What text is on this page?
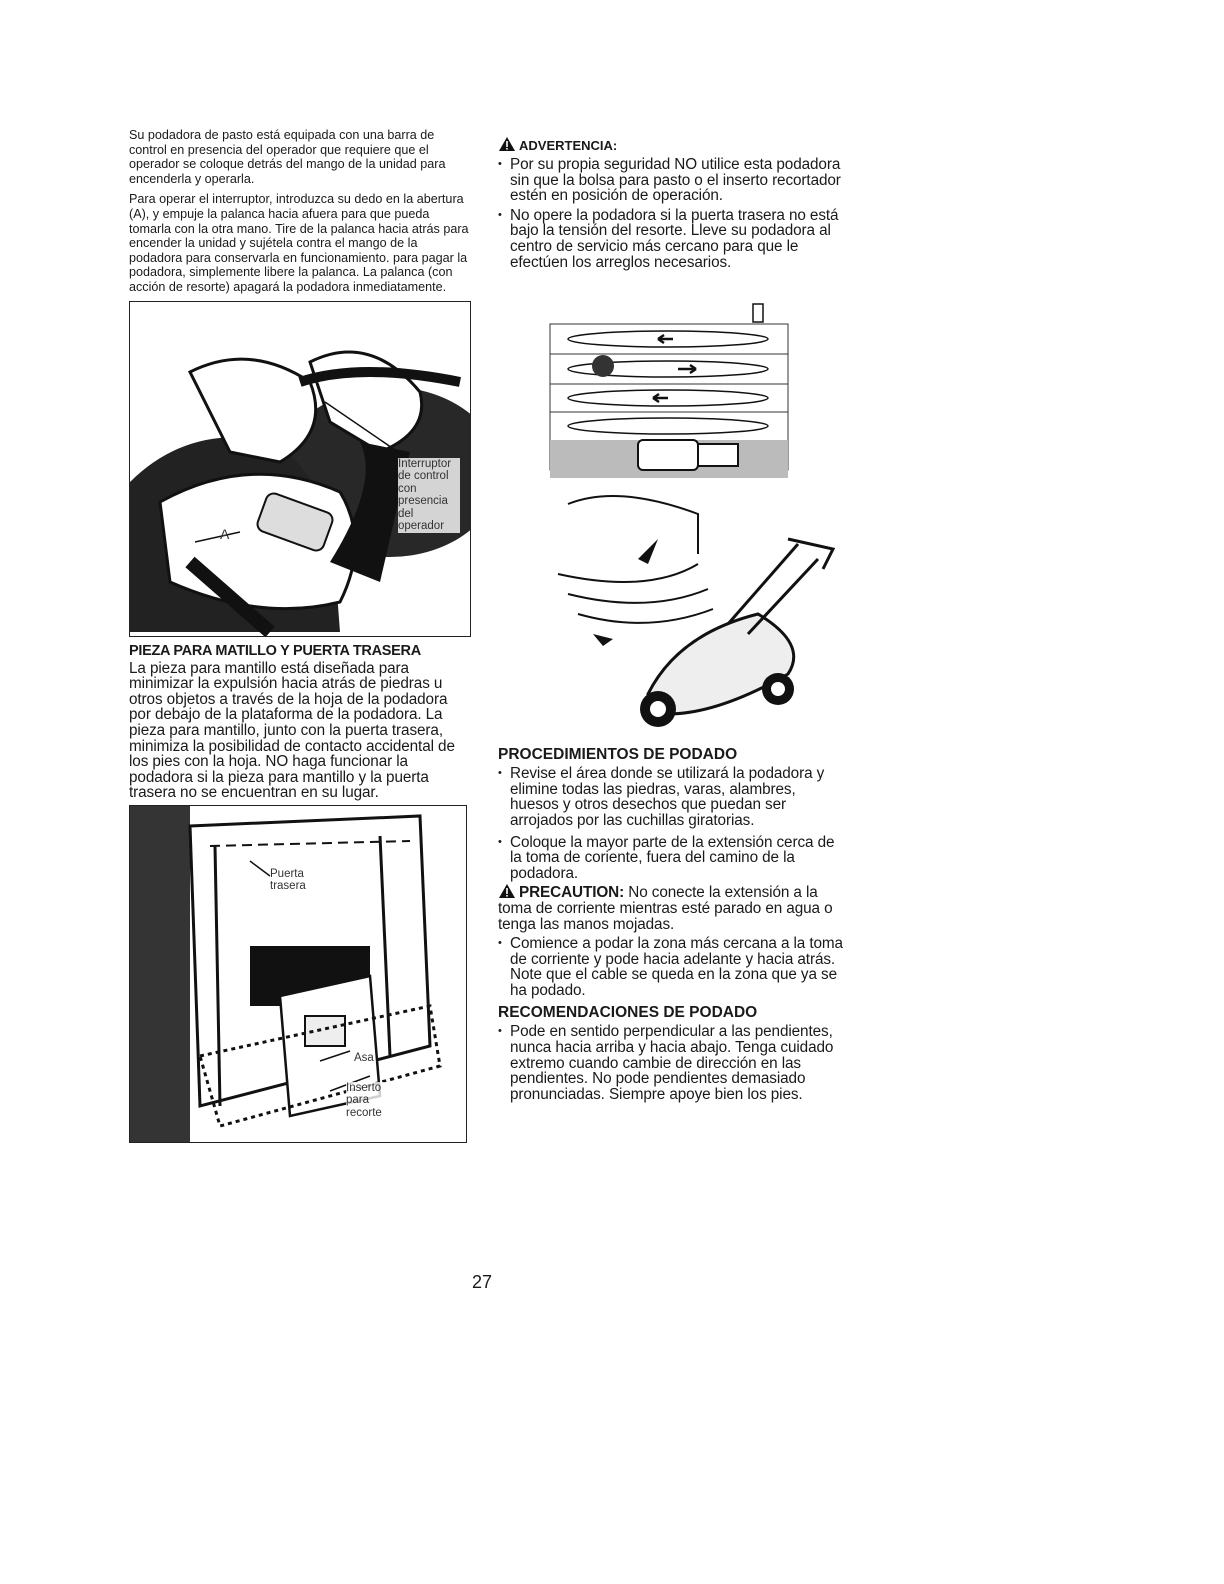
Su podadora de pasto está equipada con una barra de control en presencia del operador que requiere que el operador se coloque detrás del mango de la unidad para encenderla y operarla.

Para operar el interruptor, introduzca su dedo en la abertura (A), y empuje la palanca hacia afuera para que pueda tomarla con la otra mano. Tire de la palanca hacia atrás para encender la unidad y sujétela contra el mango de la podadora para conservarla en funcionamiento. para pagar la podadora, simplemente libere la palanca. La palanca (con acción de resorte) apagará la podadora inmediatamente.

Interruptor de control con presencia del operador
A

PIEZA PARA MATILLO Y PUERTA TRASERA

La pieza para mantillo está diseñada para minimizar la expulsión hacia atrás de piedras u otros objetos a través de la hoja de la podadora por debajo de la plataforma de la podadora. La pieza para mantillo, junto con la puerta trasera, minimiza la posibilidad de contacto accidental de los pies con la hoja. NO haga funcionar la podadora si la pieza para mantillo y la puerta trasera no se encuentran en su lugar.

Puerta trasera
Asa
Inserto para recorte

ADVERTENCIA:

• Por su propia seguridad NO utilice esta podadora sin que la bolsa para pasto o el inserto recortador estén en posición de operación.

• No opere la podadora si la puerta trasera no está bajo la tensión del resorte. Lleve su podadora al centro de servicio más cercano para que le efectúen los arreglos necesarios.

PROCEDIMIENTOS DE PODADO

• Revise el área donde se utilizará la podadora y elimine todas las piedras, varas, alambres, huesos y otros desechos que puedan ser arrojados por las cuchillas giratorias.

• Coloque la mayor parte de la extensión cerca de la toma de coriente, fuera del camino de la podadora.

PRECAUTION: No conecte la extensión a la toma de corriente mientras esté parado en agua o tenga las manos mojadas.

• Comience a podar la zona más cercana a la toma de corriente y pode hacia adelante y hacia atrás. Note que el cable se queda en la zona que ya se ha podado.

RECOMENDACIONES DE PODADO

• Pode en sentido perpendicular a las pendientes, nunca hacia arriba y hacia abajo. Tenga cuidado extremo cuando cambie de dirección en las pendientes. No pode pendientes demasiado pronunciadas. Siempre apoye bien los pies.

27
